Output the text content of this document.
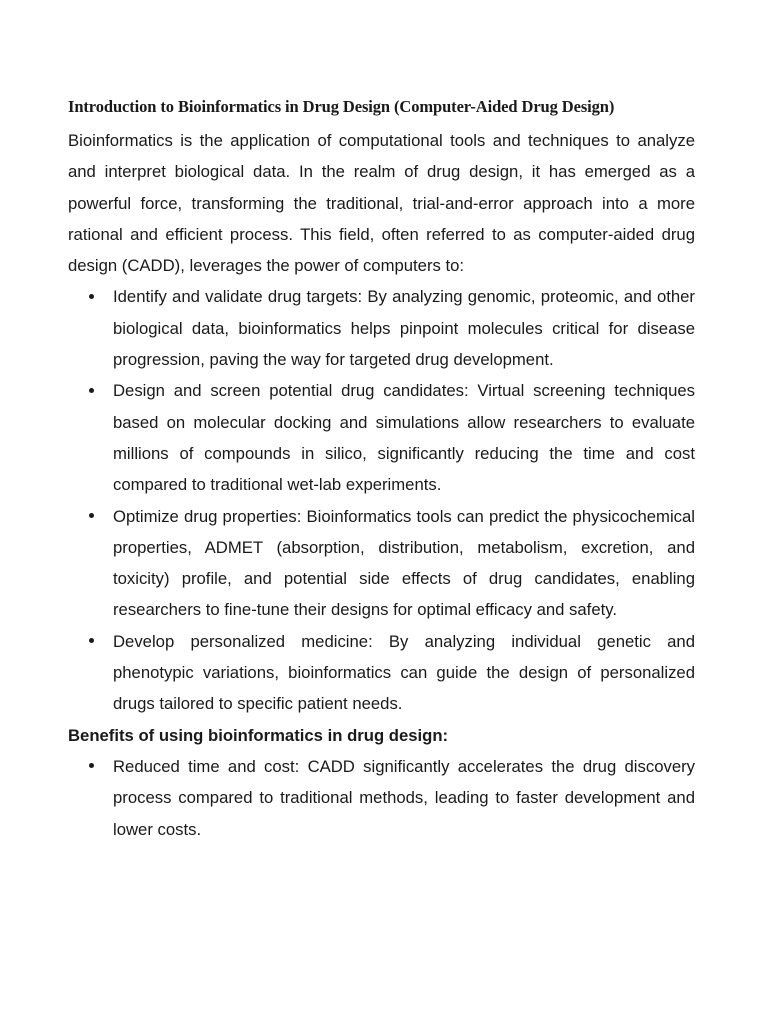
Introduction to Bioinformatics in Drug Design (Computer-Aided Drug Design)

Bioinformatics is the application of computational tools and techniques to analyze and interpret biological data. In the realm of drug design, it has emerged as a powerful force, transforming the traditional, trial-and-error approach into a more rational and efficient process. This field, often referred to as computer-aided drug design (CADD), leverages the power of computers to:

Identify and validate drug targets: By analyzing genomic, proteomic, and other biological data, bioinformatics helps pinpoint molecules critical for disease progression, paving the way for targeted drug development.
Design and screen potential drug candidates: Virtual screening techniques based on molecular docking and simulations allow researchers to evaluate millions of compounds in silico, significantly reducing the time and cost compared to traditional wet-lab experiments.
Optimize drug properties: Bioinformatics tools can predict the physicochemical properties, ADMET (absorption, distribution, metabolism, excretion, and toxicity) profile, and potential side effects of drug candidates, enabling researchers to fine-tune their designs for optimal efficacy and safety.
Develop personalized medicine: By analyzing individual genetic and phenotypic variations, bioinformatics can guide the design of personalized drugs tailored to specific patient needs.

Benefits of using bioinformatics in drug design:

Reduced time and cost: CADD significantly accelerates the drug discovery process compared to traditional methods, leading to faster development and lower costs.
